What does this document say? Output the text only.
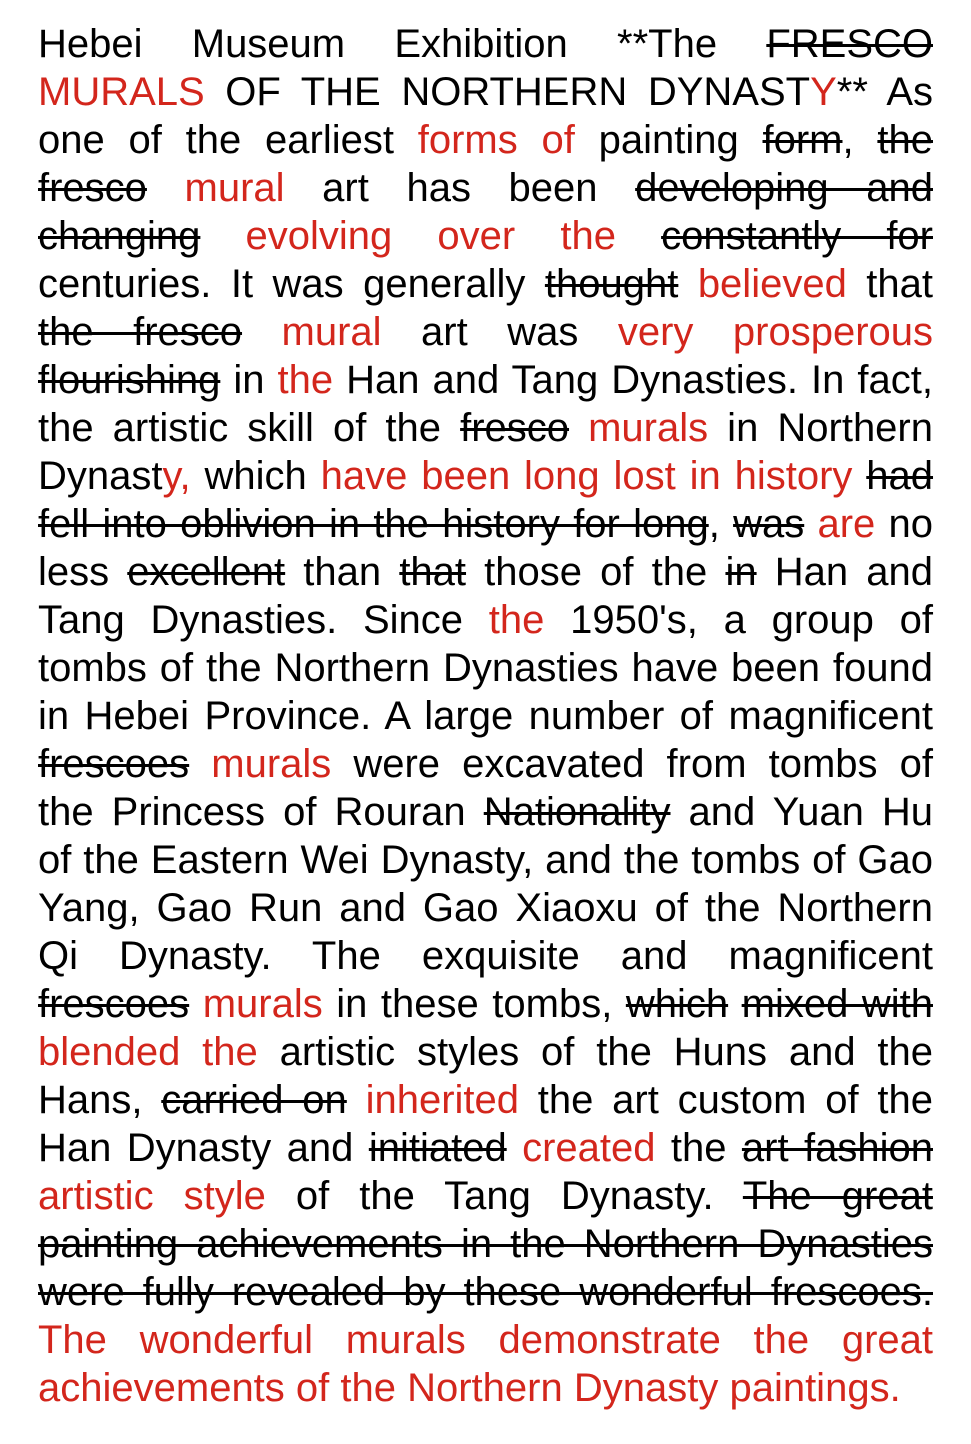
Hebei Museum Exhibition **The FRESCO
MURALS OF THE NORTHERN DYNASTY** As
one of the earliest forms of painting form, the
fresco mural art has been developing and
changing evolving over the constantly for
centuries. It was generally thought believed that
the fresco mural art was very prosperous
flourishing in the Han and Tang Dynasties. In fact,
the artistic skill of the fresco murals in Northern
Dynasty, which have been long lost in history had
fell into oblivion in the history for long, was are no
less excellent than that those of the in Han and
Tang Dynasties. Since the 1950's, a group of
tombs of the Northern Dynasties have been found
in Hebei Province. A large number of magnificent
frescoes murals were excavated from tombs of
the Princess of Rouran Nationality and Yuan Hu
of the Eastern Wei Dynasty, and the tombs of Gao
Yang, Gao Run and Gao Xiaoxu of the Northern
Qi Dynasty. The exquisite and magnificent
frescoes murals in these tombs, which mixed with
blended the artistic styles of the Huns and the
Hans, carried on inherited the art custom of the
Han Dynasty and initiated created the art fashion
artistic style of the Tang Dynasty. The great
painting achievements in the Northern Dynasties
were fully revealed by these wonderful frescoes.
The wonderful murals demonstrate the great
achievements of the Northern Dynasty paintings.
